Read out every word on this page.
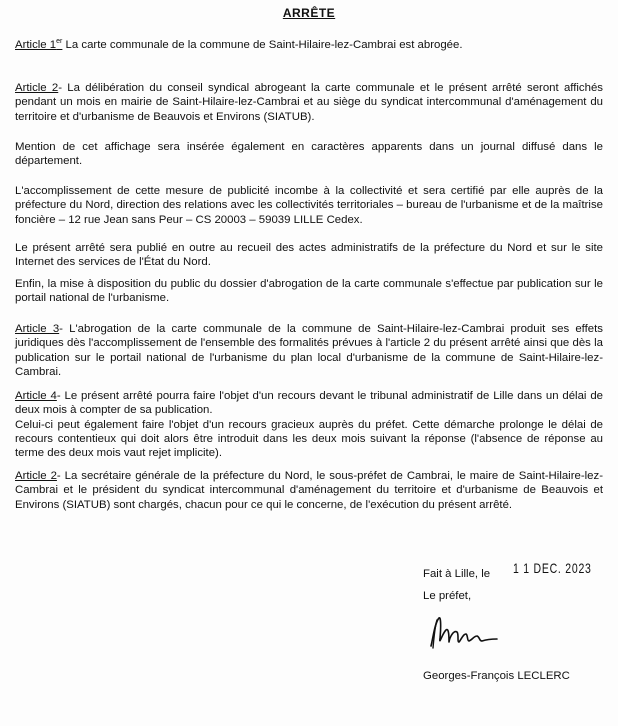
ARRÊTE

Article 1er La carte communale de la commune de Saint-Hilaire-lez-Cambrai est abrogée.

Article 2- La délibération du conseil syndical abrogeant la carte communale et le présent arrêté seront affichés pendant un mois en mairie de Saint-Hilaire-lez-Cambrai et au siège du syndicat intercommunal d'aménagement du territoire et d'urbanisme de Beauvois et Environs (SIATUB).

Mention de cet affichage sera insérée également en caractères apparents dans un journal diffusé dans le département.

L'accomplissement de cette mesure de publicité incombe à la collectivité et sera certifié par elle auprès de la préfecture du Nord, direction des relations avec les collectivités territoriales – bureau de l'urbanisme et de la maîtrise foncière – 12 rue Jean sans Peur – CS 20003 – 59039 LILLE Cedex.

Le présent arrêté sera publié en outre au recueil des actes administratifs de la préfecture du Nord et sur le site Internet des services de l'État du Nord.

Enfin, la mise à disposition du public du dossier d'abrogation de la carte communale s'effectue par publication sur le portail national de l'urbanisme.

Article 3- L'abrogation de la carte communale de la commune de Saint-Hilaire-lez-Cambrai produit ses effets juridiques dès l'accomplissement de l'ensemble des formalités prévues à l'article 2 du présent arrêté ainsi que dès la publication sur le portail national de l'urbanisme du plan local d'urbanisme de la commune de Saint-Hilaire-lez-Cambrai.

Article 4- Le présent arrêté pourra faire l'objet d'un recours devant le tribunal administratif de Lille dans un délai de deux mois à compter de sa publication.
Celui-ci peut également faire l'objet d'un recours gracieux auprès du préfet. Cette démarche prolonge le délai de recours contentieux qui doit alors être introduit dans les deux mois suivant la réponse (l'absence de réponse au terme des deux mois vaut rejet implicite).

Article 2- La secrétaire générale de la préfecture du Nord, le sous-préfet de Cambrai, le maire de Saint-Hilaire-lez-Cambrai et le président du syndicat intercommunal d'aménagement du territoire et d'urbanisme de Beauvois et Environs (SIATUB) sont chargés, chacun pour ce qui le concerne, de l'exécution du présent arrêté.

Fait à Lille, le 1 1 DEC. 2023
Le préfet,
Georges-François LECLERC
